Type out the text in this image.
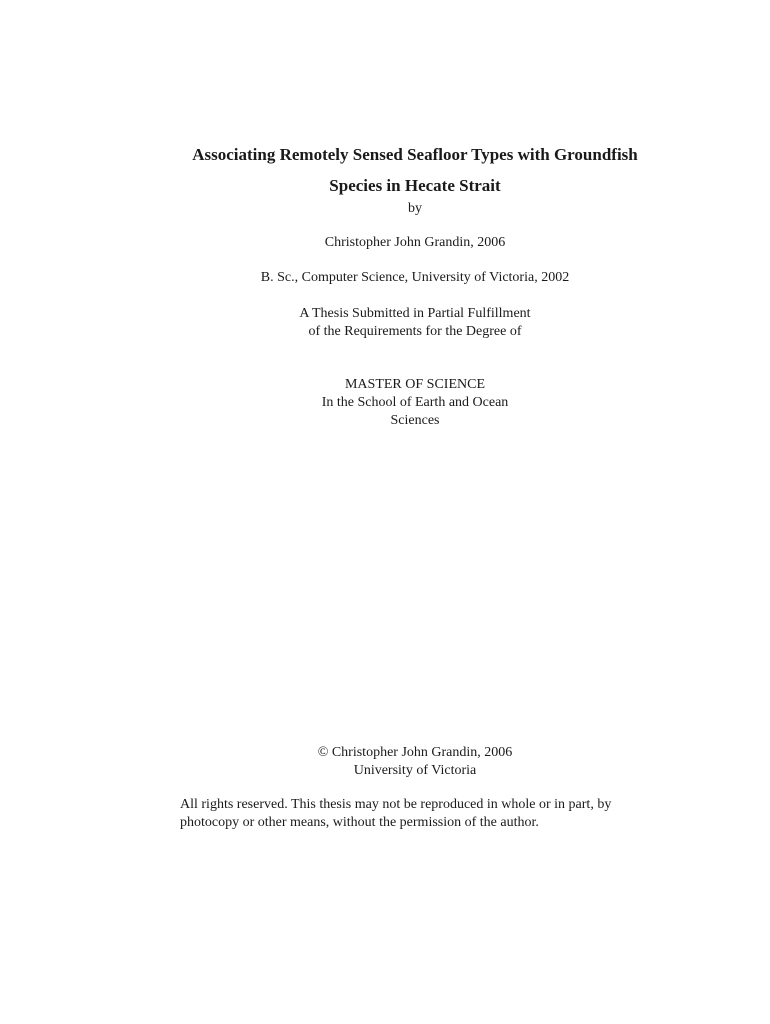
Associating Remotely Sensed Seafloor Types with Groundfish
Species in Hecate Strait
by
Christopher John Grandin, 2006
B. Sc., Computer Science, University of Victoria, 2002
A Thesis Submitted in Partial Fulfillment
of the Requirements for the Degree of
MASTER OF SCIENCE
In the School of Earth and Ocean
Sciences
© Christopher John Grandin, 2006
University of Victoria
All rights reserved. This thesis may not be reproduced in whole or in part, by
photocopy or other means, without the permission of the author.
